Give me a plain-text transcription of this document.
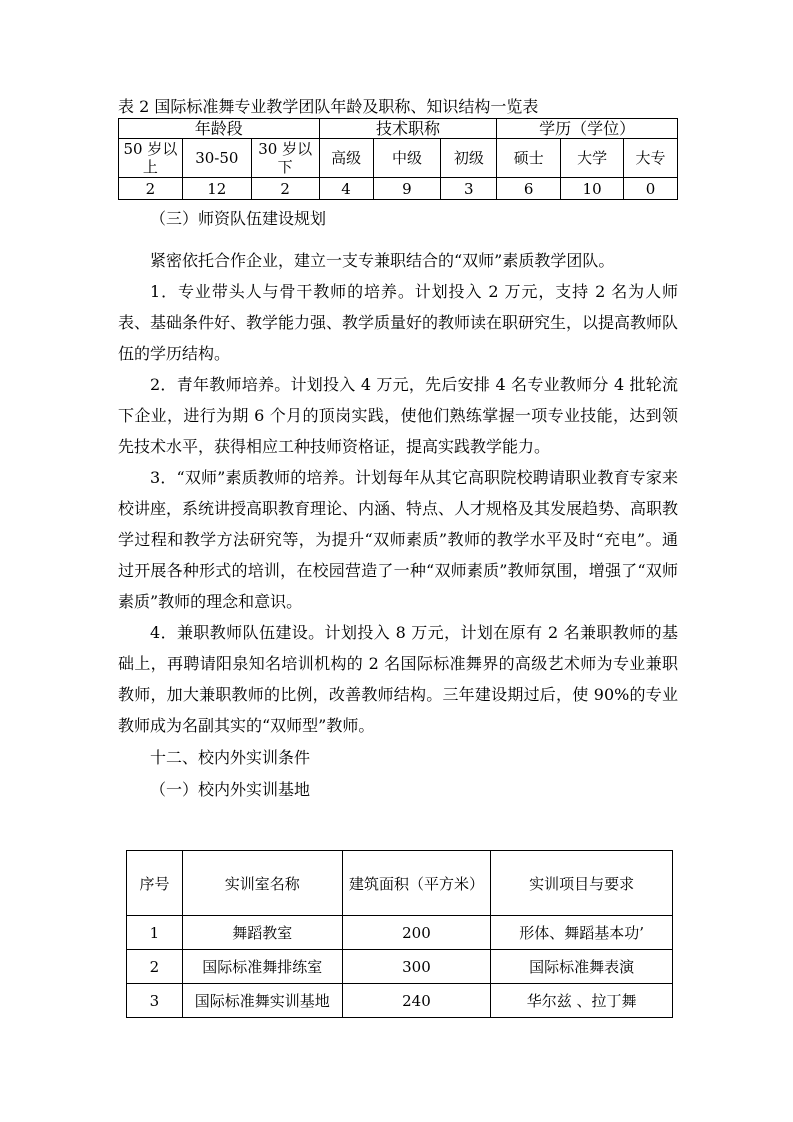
表 2 国际标准舞专业教学团队年龄及职称、知识结构一览表
年龄段			技术职称			学历（学位）		
50 岁以上	30-50	30 岁以下	高级	中级	初级	硕士	大学	大专
2	12	2	4	9	3	6	10	0
（三）师资队伍建设规划
紧密依托合作企业，建立一支专兼职结合的“双师”素质教学团队。
1．专业带头人与骨干教师的培养。计划投入 2 万元，支持 2 名为人师表、基础条件好、教学能力强、教学质量好的教师读在职研究生，以提高教师队伍的学历结构。
2．青年教师培养。计划投入 4 万元，先后安排 4 名专业教师分 4 批轮流下企业，进行为期 6 个月的顶岗实践，使他们熟练掌握一项专业技能，达到领先技术水平，获得相应工种技师资格证，提高实践教学能力。
3．“双师”素质教师的培养。计划每年从其它高职院校聘请职业教育专家来校讲座，系统讲授高职教育理论、内涵、特点、人才规格及其发展趋势、高职教学过程和教学方法研究等，为提升“双师素质”教师的教学水平及时“充电”。通过开展各种形式的培训，在校园营造了一种“双师素质”教师氛围，增强了“双师素质”教师的理念和意识。
4．兼职教师队伍建设。计划投入 8 万元，计划在原有 2 名兼职教师的基础上，再聘请阳泉知名培训机构的 2 名国际标准舞界的高级艺术师为专业兼职教师，加大兼职教师的比例，改善教师结构。三年建设期过后，使 90%的专业教师成为名副其实的“双师型”教师。
十二、校内外实训条件
（一）校内外实训基地
序号	实训室名称	建筑面积（平方米）	实训项目与要求
1	舞蹈教室	200	形体、舞蹈基本功’
2	国际标准舞排练室	300	国际标准舞表演
3	国际标准舞实训基地	240	华尔兹 、拉丁舞
